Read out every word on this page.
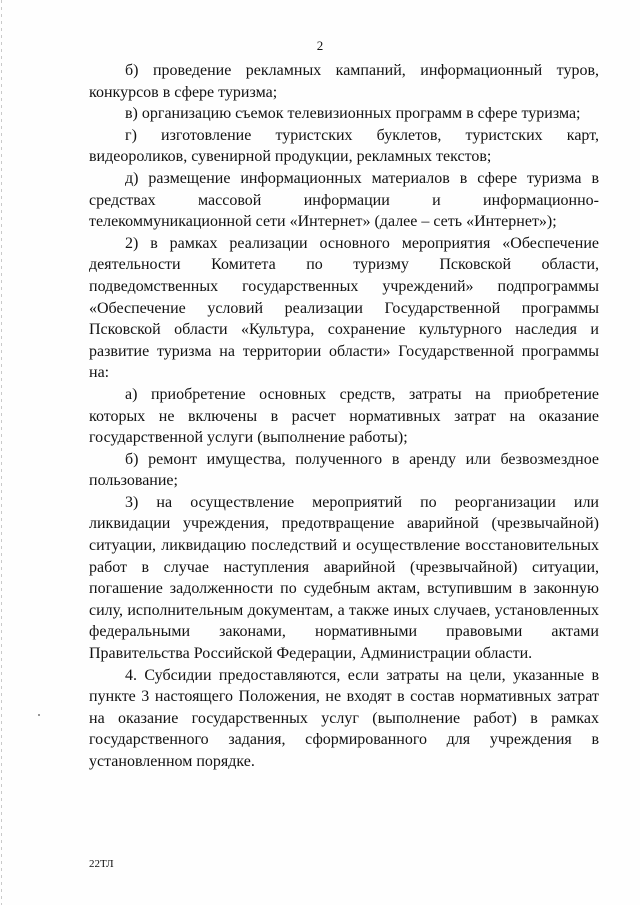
2

б) проведение рекламных кампаний, информационный туров, конкурсов в сфере туризма;

в) организацию съемок телевизионных программ в сфере туризма;

г) изготовление туристских буклетов, туристских карт, видеороликов, сувенирной продукции, рекламных текстов;

д) размещение информационных материалов в сфере туризма в средствах массовой информации и информационно-телекоммуникационной сети «Интернет» (далее – сеть «Интернет»);

2) в рамках реализации основного мероприятия «Обеспечение деятельности Комитета по туризму Псковской области, подведомственных государственных учреждений» подпрограммы «Обеспечение условий реализации Государственной программы Псковской области «Культура, сохранение культурного наследия и развитие туризма на территории области» Государственной программы на:

а) приобретение основных средств, затраты на приобретение которых не включены в расчет нормативных затрат на оказание государственной услуги (выполнение работы);

б) ремонт имущества, полученного в аренду или безвозмездное пользование;

3) на осуществление мероприятий по реорганизации или ликвидации учреждения, предотвращение аварийной (чрезвычайной) ситуации, ликвидацию последствий и осуществление восстановительных работ в случае наступления аварийной (чрезвычайной) ситуации, погашение задолженности по судебным актам, вступившим в законную силу, исполнительным документам, а также иных случаев, установленных федеральными законами, нормативными правовыми актами Правительства Российской Федерации, Администрации области.

4. Субсидии предоставляются, если затраты на цели, указанные в пункте 3 настоящего Положения, не входят в состав нормативных затрат на оказание государственных услуг (выполнение работ) в рамках государственного задания, сформированного для учреждения в установленном порядке.

22ТЛ
